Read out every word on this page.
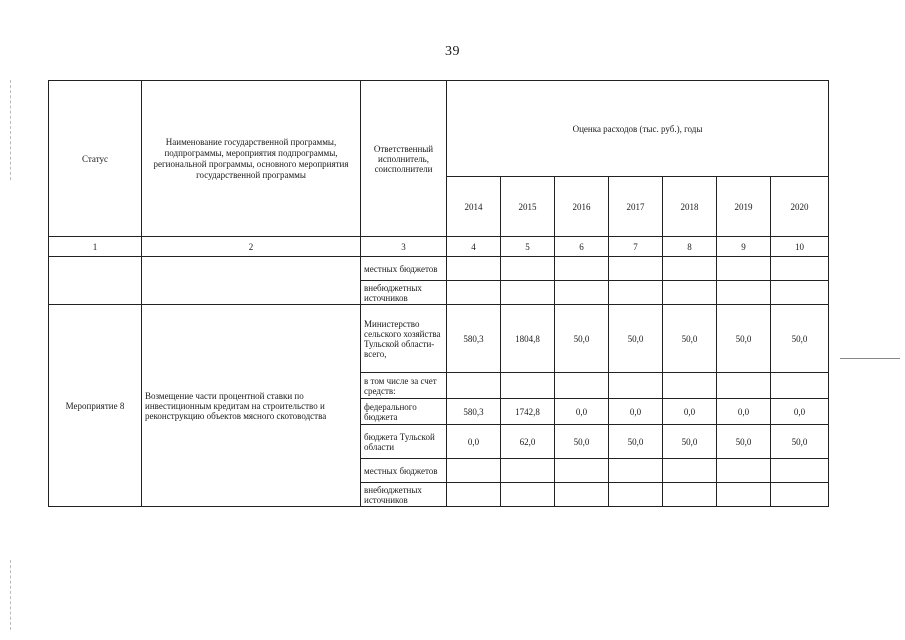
39
Статус	Наименование государственной программы, подпрограммы, мероприятия подпрограммы, региональной программы, основного мероприятия государственной программы	Ответственный исполнитель, соисполнители	Оценка расходов (тыс. руб.), годы						
			2014	2015	2016	2017	2018	2019	2020
1	2	3	4	5	6	7	8	9	10
		местных бюджетов							
		внебюджетных источников							
Мероприятие 8	Возмещение части процентной ставки по инвестиционным кредитам на строительство и реконструкцию объектов мясного скотоводства	Министерство сельского хозяйства Тульской области- всего,	580,3	1804,8	50,0	50,0	50,0	50,0	50,0
		в том числе за счет средств:							
		федерального бюджета	580,3	1742,8	0,0	0,0	0,0	0,0	0,0
		бюджета Тульской области	0,0	62,0	50,0	50,0	50,0	50,0	50,0
		местных бюджетов							
		внебюджетных источников							
